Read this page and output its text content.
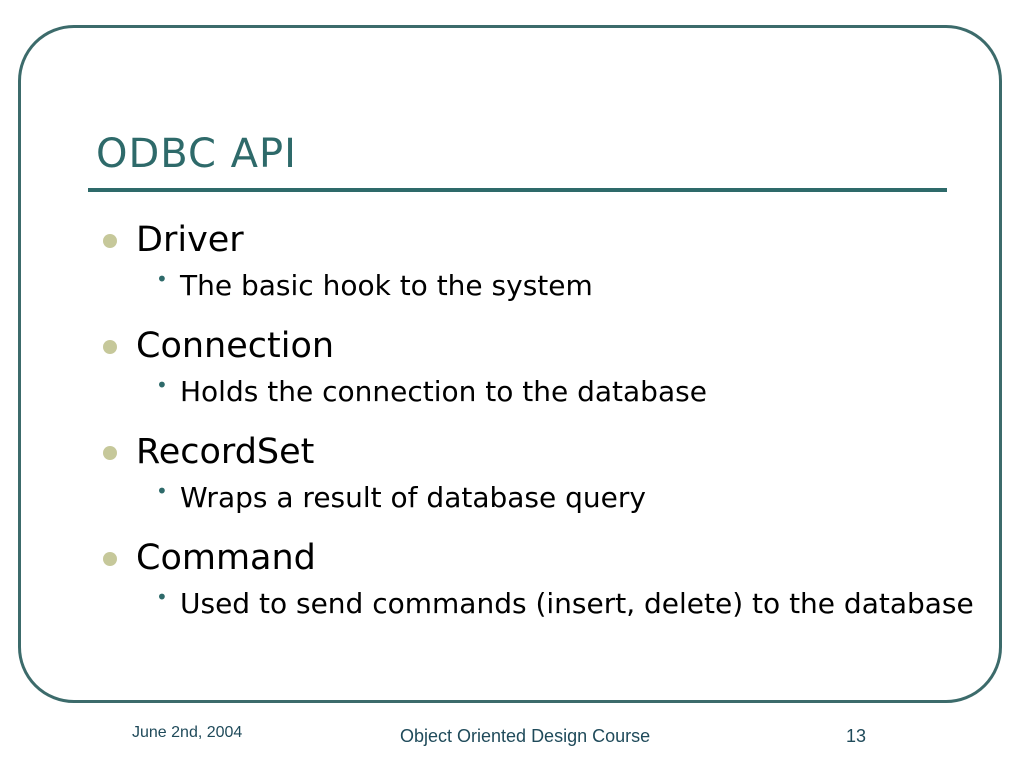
ODBC API
Driver
• The basic hook to the system
Connection
• Holds the connection to the database
RecordSet
• Wraps a result of database query
Command
• Used to send commands (insert, delete) to the database
June 2nd, 2004	Object Oriented Design Course	13
